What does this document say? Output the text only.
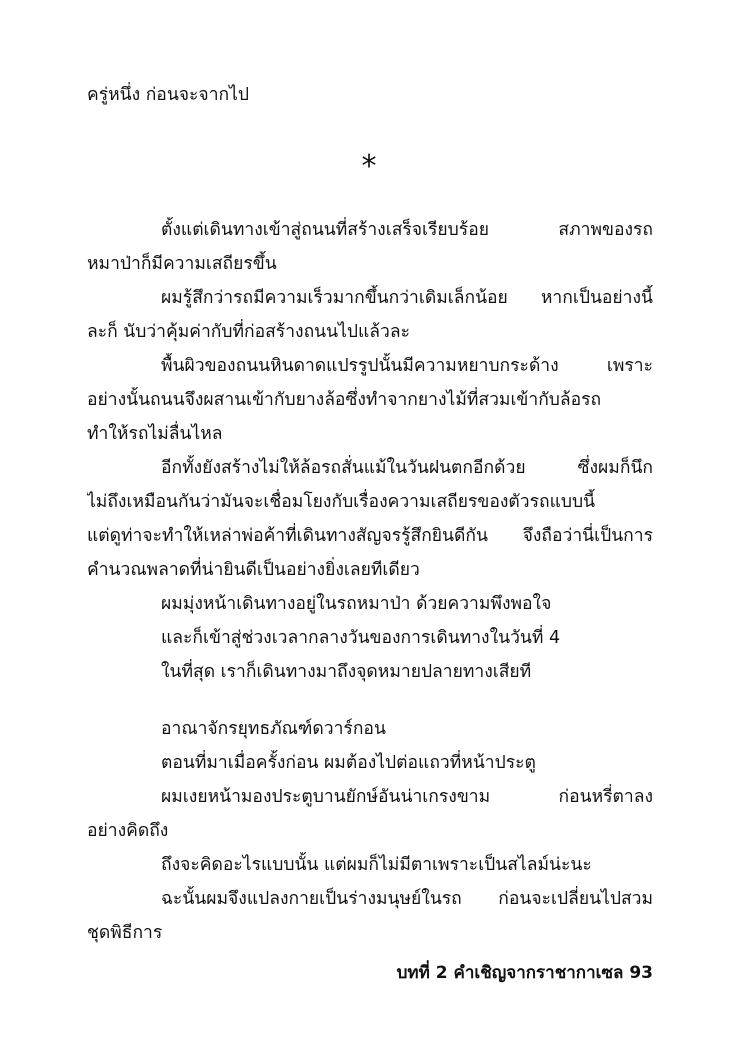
ครู่หนึ่ง ก่อนจะจากไป
*
ตั้งแต่เดินทางเข้าสู่ถนนที่สร้างเสร็จเรียบร้อย สภาพของรถ
หมาป่าก็มีความเสถียรขึ้น
ผมรู้สึกว่ารถมีความเร็วมากขึ้นกว่าเดิมเล็กน้อย หากเป็นอย่างนี้
ละก็ นับว่าคุ้มค่ากับที่ก่อสร้างถนนไปแล้วละ
พื้นผิวของถนนหินดาดแปรรูปนั้นมีความหยาบกระด้าง เพราะ
อย่างนั้นถนนจึงผสานเข้ากับยางล้อซึ่งทำจากยางไม้ที่สวมเข้ากับล้อรถ
ทำให้รถไม่ลื่นไหล
อีกทั้งยังสร้างไม่ให้ล้อรถสั่นแม้ในวันฝนตกอีกด้วย ซึ่งผมก็นึก
ไม่ถึงเหมือนกันว่ามันจะเชื่อมโยงกับเรื่องความเสถียรของตัวรถแบบนี้
แต่ดูท่าจะทำให้เหล่าพ่อค้าที่เดินทางสัญจรรู้สึกยินดีกัน จึงถือว่านี่เป็นการ
คำนวณพลาดที่น่ายินดีเป็นอย่างยิ่งเลยทีเดียว
ผมมุ่งหน้าเดินทางอยู่ในรถหมาป่า ด้วยความพึงพอใจ
และก็เข้าสู่ช่วงเวลากลางวันของการเดินทางในวันที่ 4
ในที่สุด เราก็เดินทางมาถึงจุดหมายปลายทางเสียที
อาณาจักรยุทธภัณฑ์ดวาร์กอน
ตอนที่มาเมื่อครั้งก่อน ผมต้องไปต่อแถวที่หน้าประตู
ผมเงยหน้ามองประตูบานยักษ์อันน่าเกรงขาม ก่อนหรี่ตาลง
อย่างคิดถึง
ถึงจะคิดอะไรแบบนั้น แต่ผมก็ไม่มีตาเพราะเป็นสไลม์น่ะนะ
ฉะนั้นผมจึงแปลงกายเป็นร่างมนุษย์ในรถ ก่อนจะเปลี่ยนไปสวม
ชุดพิธีการ
บทที่ 2 คำเชิญจากราชากาเซล 93
